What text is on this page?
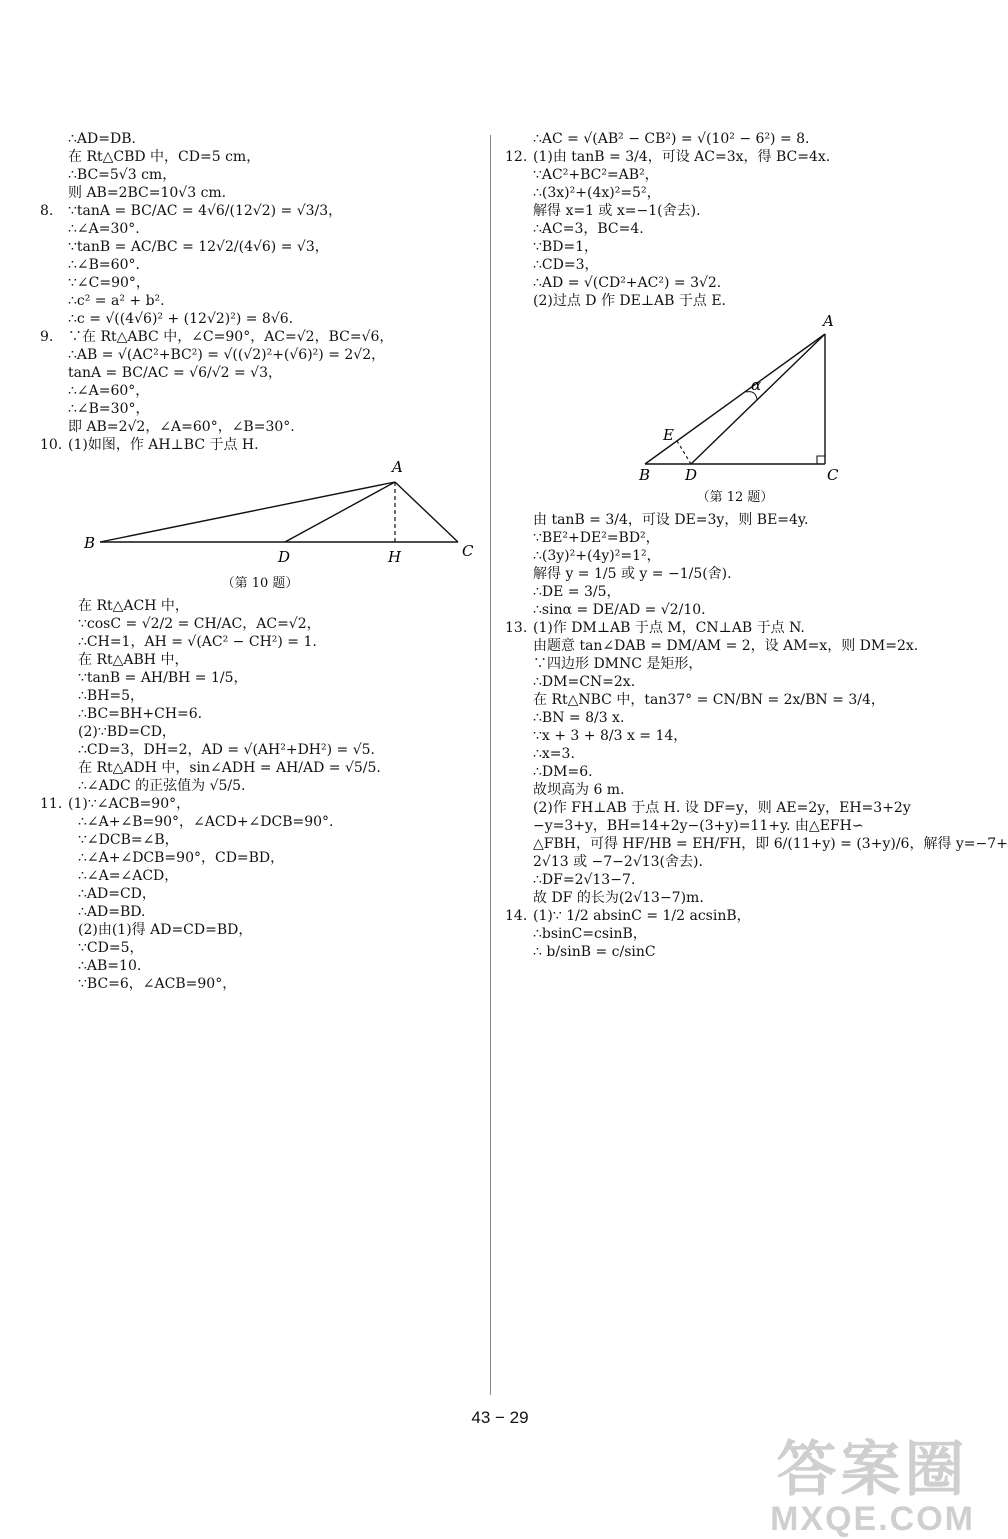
∴AD=DB.

在 Rt△CBD 中，CD=5 cm，

∴BC=5√3 cm，

则 AB=2BC=10√3 cm.

8. ∵tanA = BC/AC = 4√6/(12√2) = √3/3，

∴∠A=30°.

∵tanB = AC/BC = 12√2/(4√6) = √3，

∴∠B=60°.

∵∠C=90°，

∴c² = a² + b².

∴c = √((4√6)² + (12√2)²) = 8√6.

9. ∵在 Rt△ABC 中，∠C=90°，AC=√2，BC=√6，

∴AB = √(AC²+BC²) = √((√2)²+(√6)²) = 2√2，

tanA = BC/AC = √6/√2 = √3，

∴∠A=60°，

∴∠B=30°，

即 AB=2√2，∠A=60°，∠B=30°.

10. (1)如图，作 AH⊥BC 于点 H.

A
B
D	H	C

（第 10 题）

在 Rt△ACH 中，

∵cosC = √2/2 = CH/AC，AC=√2，

∴CH=1，AH = √(AC² − CH²) = 1.

在 Rt△ABH 中，

∵tanB = AH/BH = 1/5，

∴BH=5，

∴BC=BH+CH=6.

(2)∵BD=CD，

∴CD=3，DH=2，AD = √(AH²+DH²) = √5.

在 Rt△ADH 中，sin∠ADH = AH/AD = √5/5.

∴∠ADC 的正弦值为 √5/5.

11. (1)∵∠ACB=90°，

∴∠A+∠B=90°，∠ACD+∠DCB=90°.

∵∠DCB=∠B，

∴∠A+∠DCB=90°，CD=BD，

∴∠A=∠ACD，

∴AD=CD，

∴AD=BD.

(2)由(1)得 AD=CD=BD，

∵CD=5，

∴AB=10.

∵BC=6，∠ACB=90°，

∴AC = √(AB² − CB²) = √(10² − 6²) = 8.

12. (1)由 tanB = 3/4，可设 AC=3x，得 BC=4x.

∵AC²+BC²=AB²，

∴(3x)²+(4x)²=5²，

解得 x=1 或 x=−1(舍去).

∴AC=3，BC=4.

∵BD=1，

∴CD=3，

∴AD = √(CD²+AC²) = 3√2.

(2)过点 D 作 DE⊥AB 于点 E.

A
E
α
B D	C

（第 12 题）

由 tanB = 3/4，可设 DE=3y，则 BE=4y.

∵BE²+DE²=BD²，

∴(3y)²+(4y)²=1²，

解得 y = 1/5 或 y = −1/5(舍).

∴DE = 3/5，

∴sinα = DE/AD = √2/10.

13. (1)作 DM⊥AB 于点 M，CN⊥AB 于点 N.

由题意 tan∠DAB = DM/AM = 2，设 AM=x，则 DM=2x.

∵四边形 DMNC 是矩形，

∴DM=CN=2x.

在 Rt△NBC 中，tan37° = CN/BN = 2x/BN = 3/4，

∴BN = 8/3 x.

∵x + 3 + 8/3 x = 14，

∴x=3.

∴DM=6.

故坝高为 6 m.

(2)作 FH⊥AB 于点 H. 设 DF=y，则 AE=2y，EH=3+2y

−y=3+y，BH=14+2y−(3+y)=11+y. 由△EFH∽

△FBH，可得 HF/HB = EH/FH，即 6/(11+y) = (3+y)/6，解得 y=−7+

2√13 或 −7−2√13(舍去).

∴DF=2√13−7.

故 DF 的长为(2√13−7)m.

14. (1)∵ 1/2 absinC = 1/2 acsinB，

∴bsinC=csinB，

∴ b/sinB = c/sinC

43 − 29
答案圈
MXQE.COM
